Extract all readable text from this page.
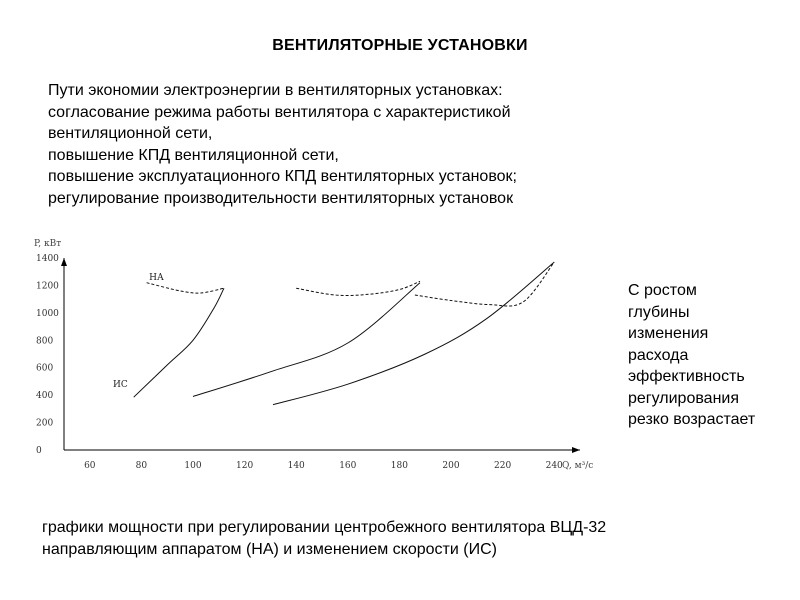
ВЕНТИЛЯТОРНЫЕ УСТАНОВКИ
Пути экономии электроэнергии в вентиляторных установках:
согласование режима работы вентилятора с характеристикой
вентиляционной сети,
повышение КПД вентиляционной сети,
повышение эксплуатационного КПД вентиляторных установок;
регулирование производительности вентиляторных установок
0
200
400
600
800
1000
1200
1400
60	80	100	120	140	160	180	200	220	240
P, кВт
Q, м³/с
НА
ИС
С ростом
глубины
изменения
расхода
эффективность
регулирования
резко возрастает
графики мощности при регулировании центробежного вентилятора ВЦД-32
направляющим аппаратом (НА) и изменением скорости (ИС)
